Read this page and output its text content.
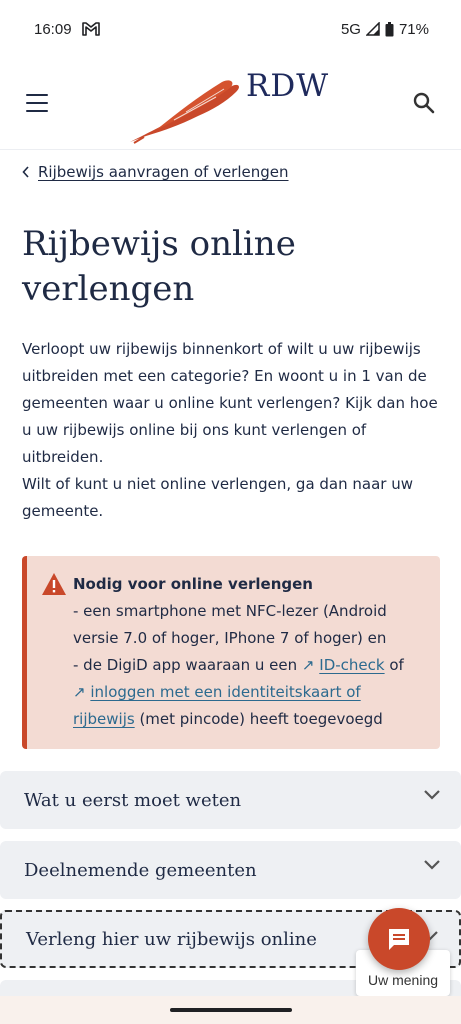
16:09	5G	71%
RDW
Rijbewijs aanvragen of verlengen
Rijbewijs online
verlengen
Verloopt uw rijbewijs binnenkort of wilt u uw rijbewijs
uitbreiden met een categorie? En woont u in 1 van de
gemeenten waar u online kunt verlengen? Kijk dan hoe
u uw rijbewijs online bij ons kunt verlengen of
uitbreiden.
Wilt of kunt u niet online verlengen, ga dan naar uw
gemeente.
Nodig voor online verlengen
- een smartphone met NFC-lezer (Android
versie 7.0 of hoger, IPhone 7 of hoger) en
- de DigiD app waaraan u een ↗ ID-check of
↗ inloggen met een identiteitskaart of
rijbewijs (met pincode) heeft toegevoegd
Wat u eerst moet weten
Deelnemende gemeenten
Verleng hier uw rijbewijs online
Uw mening
